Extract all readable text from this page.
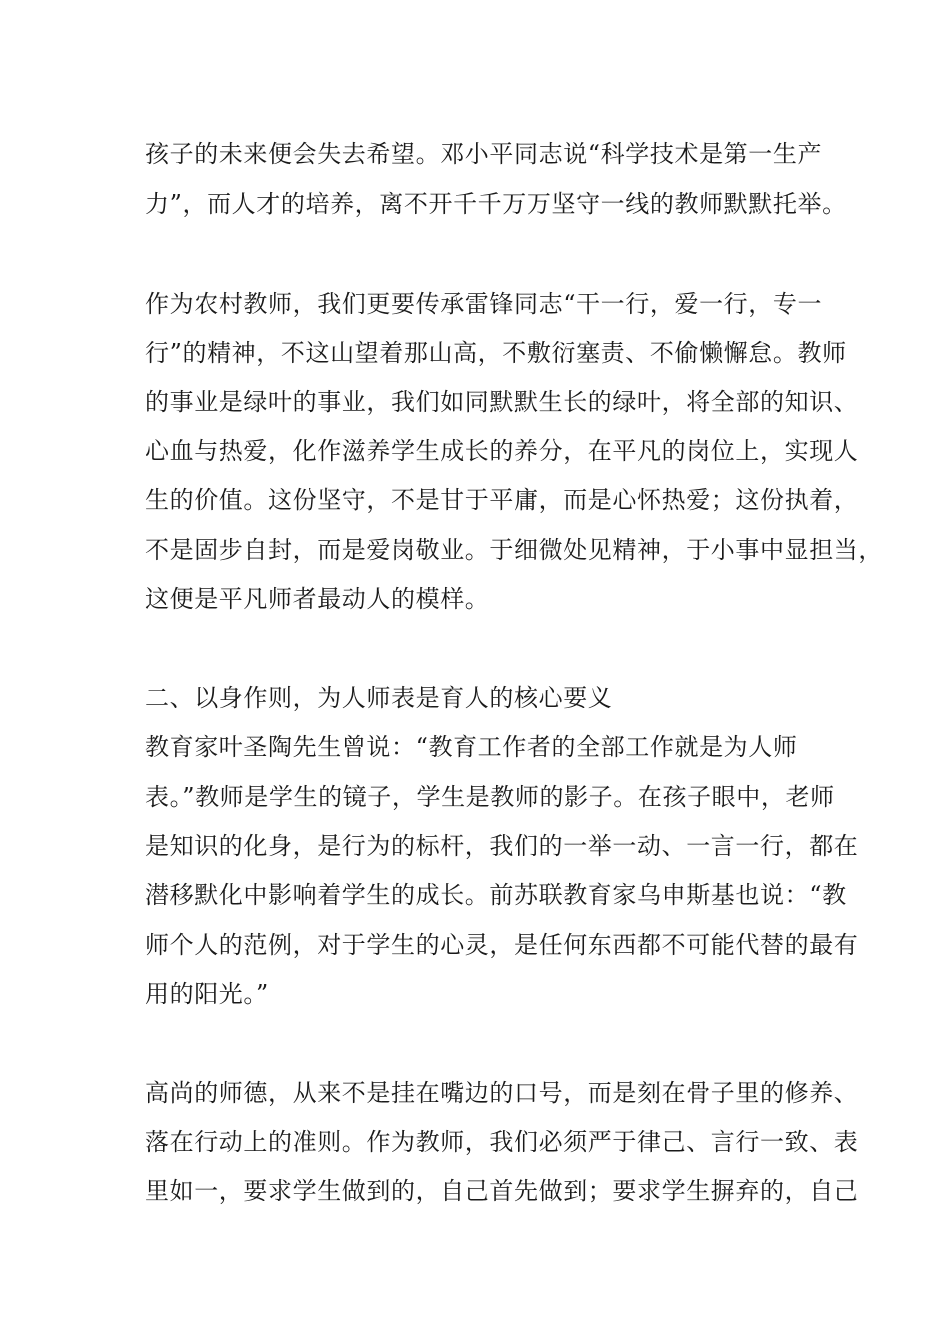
孩子的未来便会失去希望。邓小平同志说“科学技术是第一生产

力”，而人才的培养，离不开千千万万坚守一线的教师默默托举。

作为农村教师，我们更要传承雷锋同志“干一行，爱一行，专一

行”的精神，不这山望着那山高，不敷衍塞责、不偷懒懈怠。教师

的事业是绿叶的事业，我们如同默默生长的绿叶，将全部的知识、

心血与热爱，化作滋养学生成长的养分，在平凡的岗位上，实现人

生的价值。这份坚守，不是甘于平庸，而是心怀热爱；这份执着，

不是固步自封，而是爱岗敬业。于细微处见精神，于小事中显担当，

这便是平凡师者最动人的模样。

二、以身作则，为人师表是育人的核心要义

教育家叶圣陶先生曾说：“教育工作者的全部工作就是为人师

表。”教师是学生的镜子，学生是教师的影子。在孩子眼中，老师

是知识的化身，是行为的标杆，我们的一举一动、一言一行，都在

潜移默化中影响着学生的成长。前苏联教育家乌申斯基也说：“教

师个人的范例，对于学生的心灵，是任何东西都不可能代替的最有

用的阳光。”

高尚的师德，从来不是挂在嘴边的口号，而是刻在骨子里的修养、

落在行动上的准则。作为教师，我们必须严于律己、言行一致、表

里如一，要求学生做到的，自己首先做到；要求学生摒弃的，自己
